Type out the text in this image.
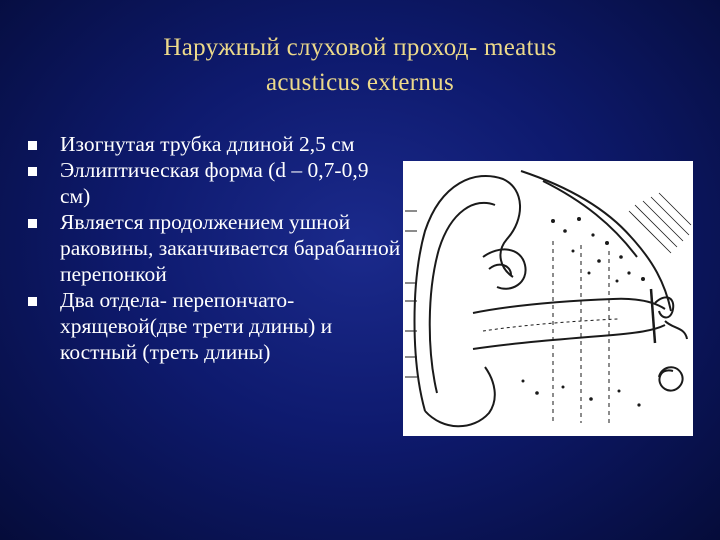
Наружный слуховой проход- meatus
acusticus externus
Изогнутая трубка длиной 2,5 см
Эллиптическая форма (d – 0,7-0,9 см)
Является продолжением ушной раковины, заканчивается барабанной перепонкой
Два отдела- перепончато-хрящевой(две трети длины) и костный (треть длины)
